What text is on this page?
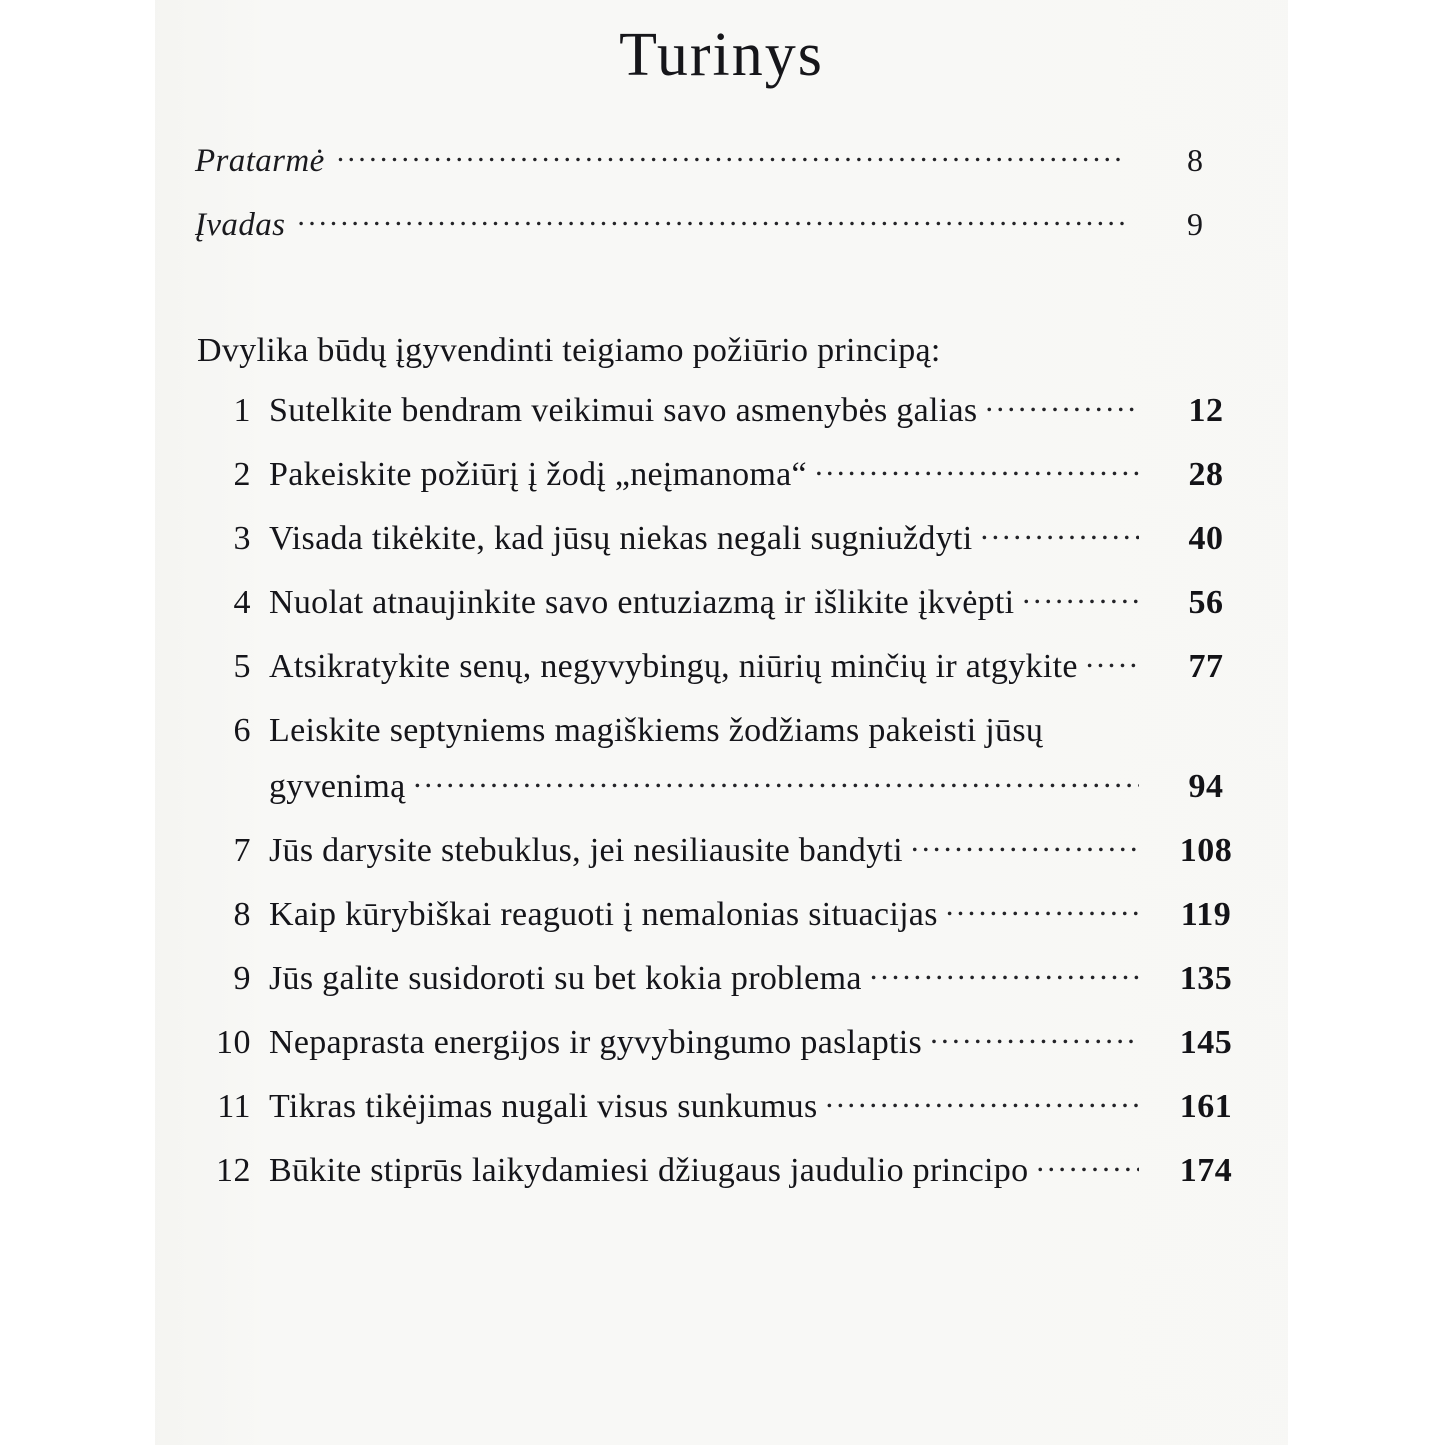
Turinys
Pratarmė .....	8
Įvadas .....	9
Dvylika būdų įgyvendinti teigiamo požiūrio principą:
1 Sutelkite bendram veikimui savo asmenybės galias .....	12
2 Pakeiskite požiūrį į žodį „neįmanoma“ .....	28
3 Visada tikėkite, kad jūsų niekas negali sugniuždyti .....	40
4 Nuolat atnaujinkite savo entuziazmą ir išlikite įkvėpti .....	56
5 Atsikratykite senų, negyvybingų, niūrių minčių ir atgykite .....	77
6 Leiskite septyniems magiškiems žodžiams pakeisti jūsų
gyvenimą .....	94
7 Jūs darysite stebuklus, jei nesiliausite bandyti .....	108
8 Kaip kūrybiškai reaguoti į nemalonias situacijas .....	119
9 Jūs galite susidoroti su bet kokia problema .....	135
10 Nepaprasta energijos ir gyvybingumo paslaptis .....	145
11 Tikras tikėjimas nugali visus sunkumus .....	161
12 Būkite stiprūs laikydamiesi džiugaus jaudulio principo .....	174
